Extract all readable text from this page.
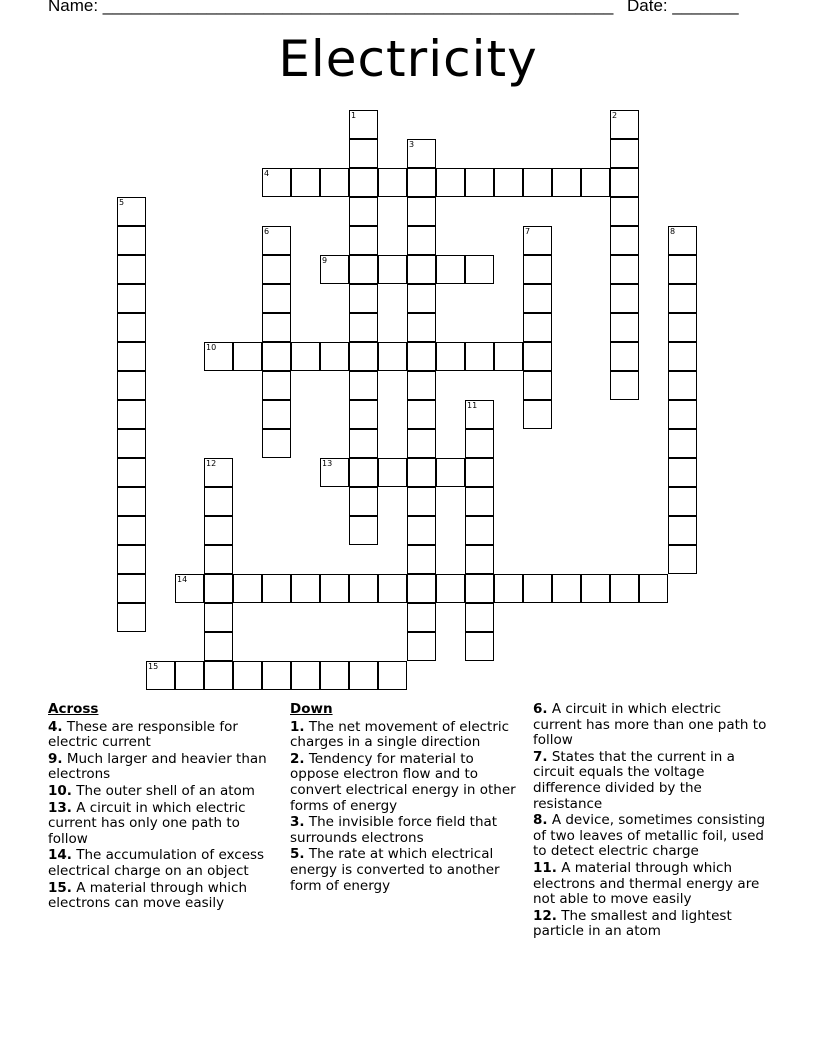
Name: ______________________________________________________ Date: _______
Electricity
1	2
3
4
5
6	7	8
9
10
11
12	13
14
15
Across
4. These are responsible for electric current
9. Much larger and heavier than electrons
10. The outer shell of an atom
13. A circuit in which electric current has only one path to follow
14. The accumulation of excess electrical charge on an object
15. A material through which electrons can move easily
Down
1. The net movement of electric charges in a single direction
2. Tendency for material to oppose electron flow and to convert electrical energy in other forms of energy
3. The invisible force field that surrounds electrons
5. The rate at which electrical energy is converted to another form of energy
6. A circuit in which electric current has more than one path to follow
7. States that the current in a circuit equals the voltage difference divided by the resistance
8. A device, sometimes consisting of two leaves of metallic foil, used to detect electric charge
11. A material through which electrons and thermal energy are not able to move easily
12. The smallest and lightest particle in an atom
